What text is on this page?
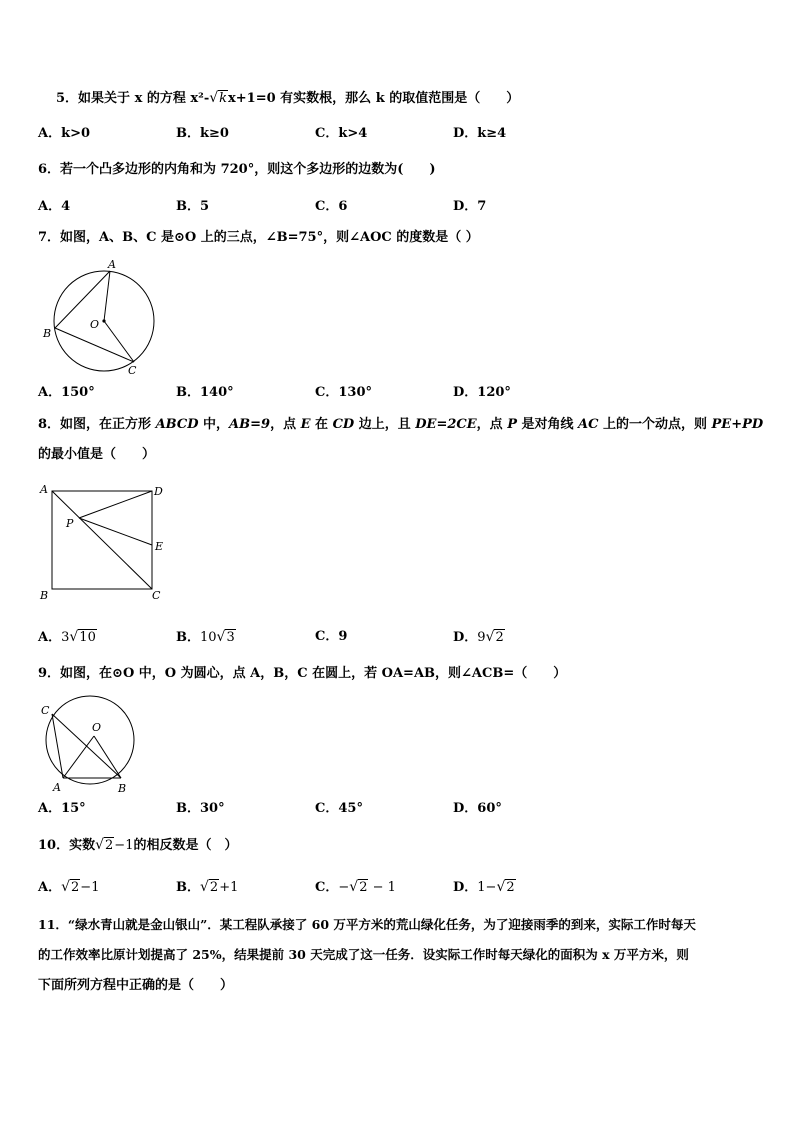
5．如果关于 x 的方程 x²-√kx+1=0 有实数根，那么 k 的取值范围是（　　）
A．k>0	B．k≥0	C．k>4	D．k≥4
6．若一个凸多边形的内角和为 720°，则这个多边形的边数为(　　)
A．4	B．5	C．6	D．7
7．如图，A、B、C 是⊙O 上的三点，∠B=75°，则∠AOC 的度数是（ ）
A
B
C
O
A．150°	B．140°	C．130°	D．120°
8．如图，在正方形 ABCD 中，AB=9，点 E 在 CD 边上，且 DE=2CE，点 P 是对角线 AC 上的一个动点，则 PE+PD
的最小值是（　　）
A	D
P
E
B	C
A．3√10	B．10√3	C．9	D．9√2
9．如图，在⊙O 中，O 为圆心，点 A，B，C 在圆上，若 OA=AB，则∠ACB=（　　）
C
O
A	B
A．15°	B．30°	C．45°	D．60°
10．实数√2−1的相反数是（　）
A．√2−1	B．√2+1	C．−√2 − 1	D．1−√2
11．“绿水青山就是金山银山”．某工程队承接了 60 万平方米的荒山绿化任务，为了迎接雨季的到来，实际工作时每天
的工作效率比原计划提高了 25%，结果提前 30 天完成了这一任务．设实际工作时每天绿化的面积为 x 万平方米，则
下面所列方程中正确的是（　　）
